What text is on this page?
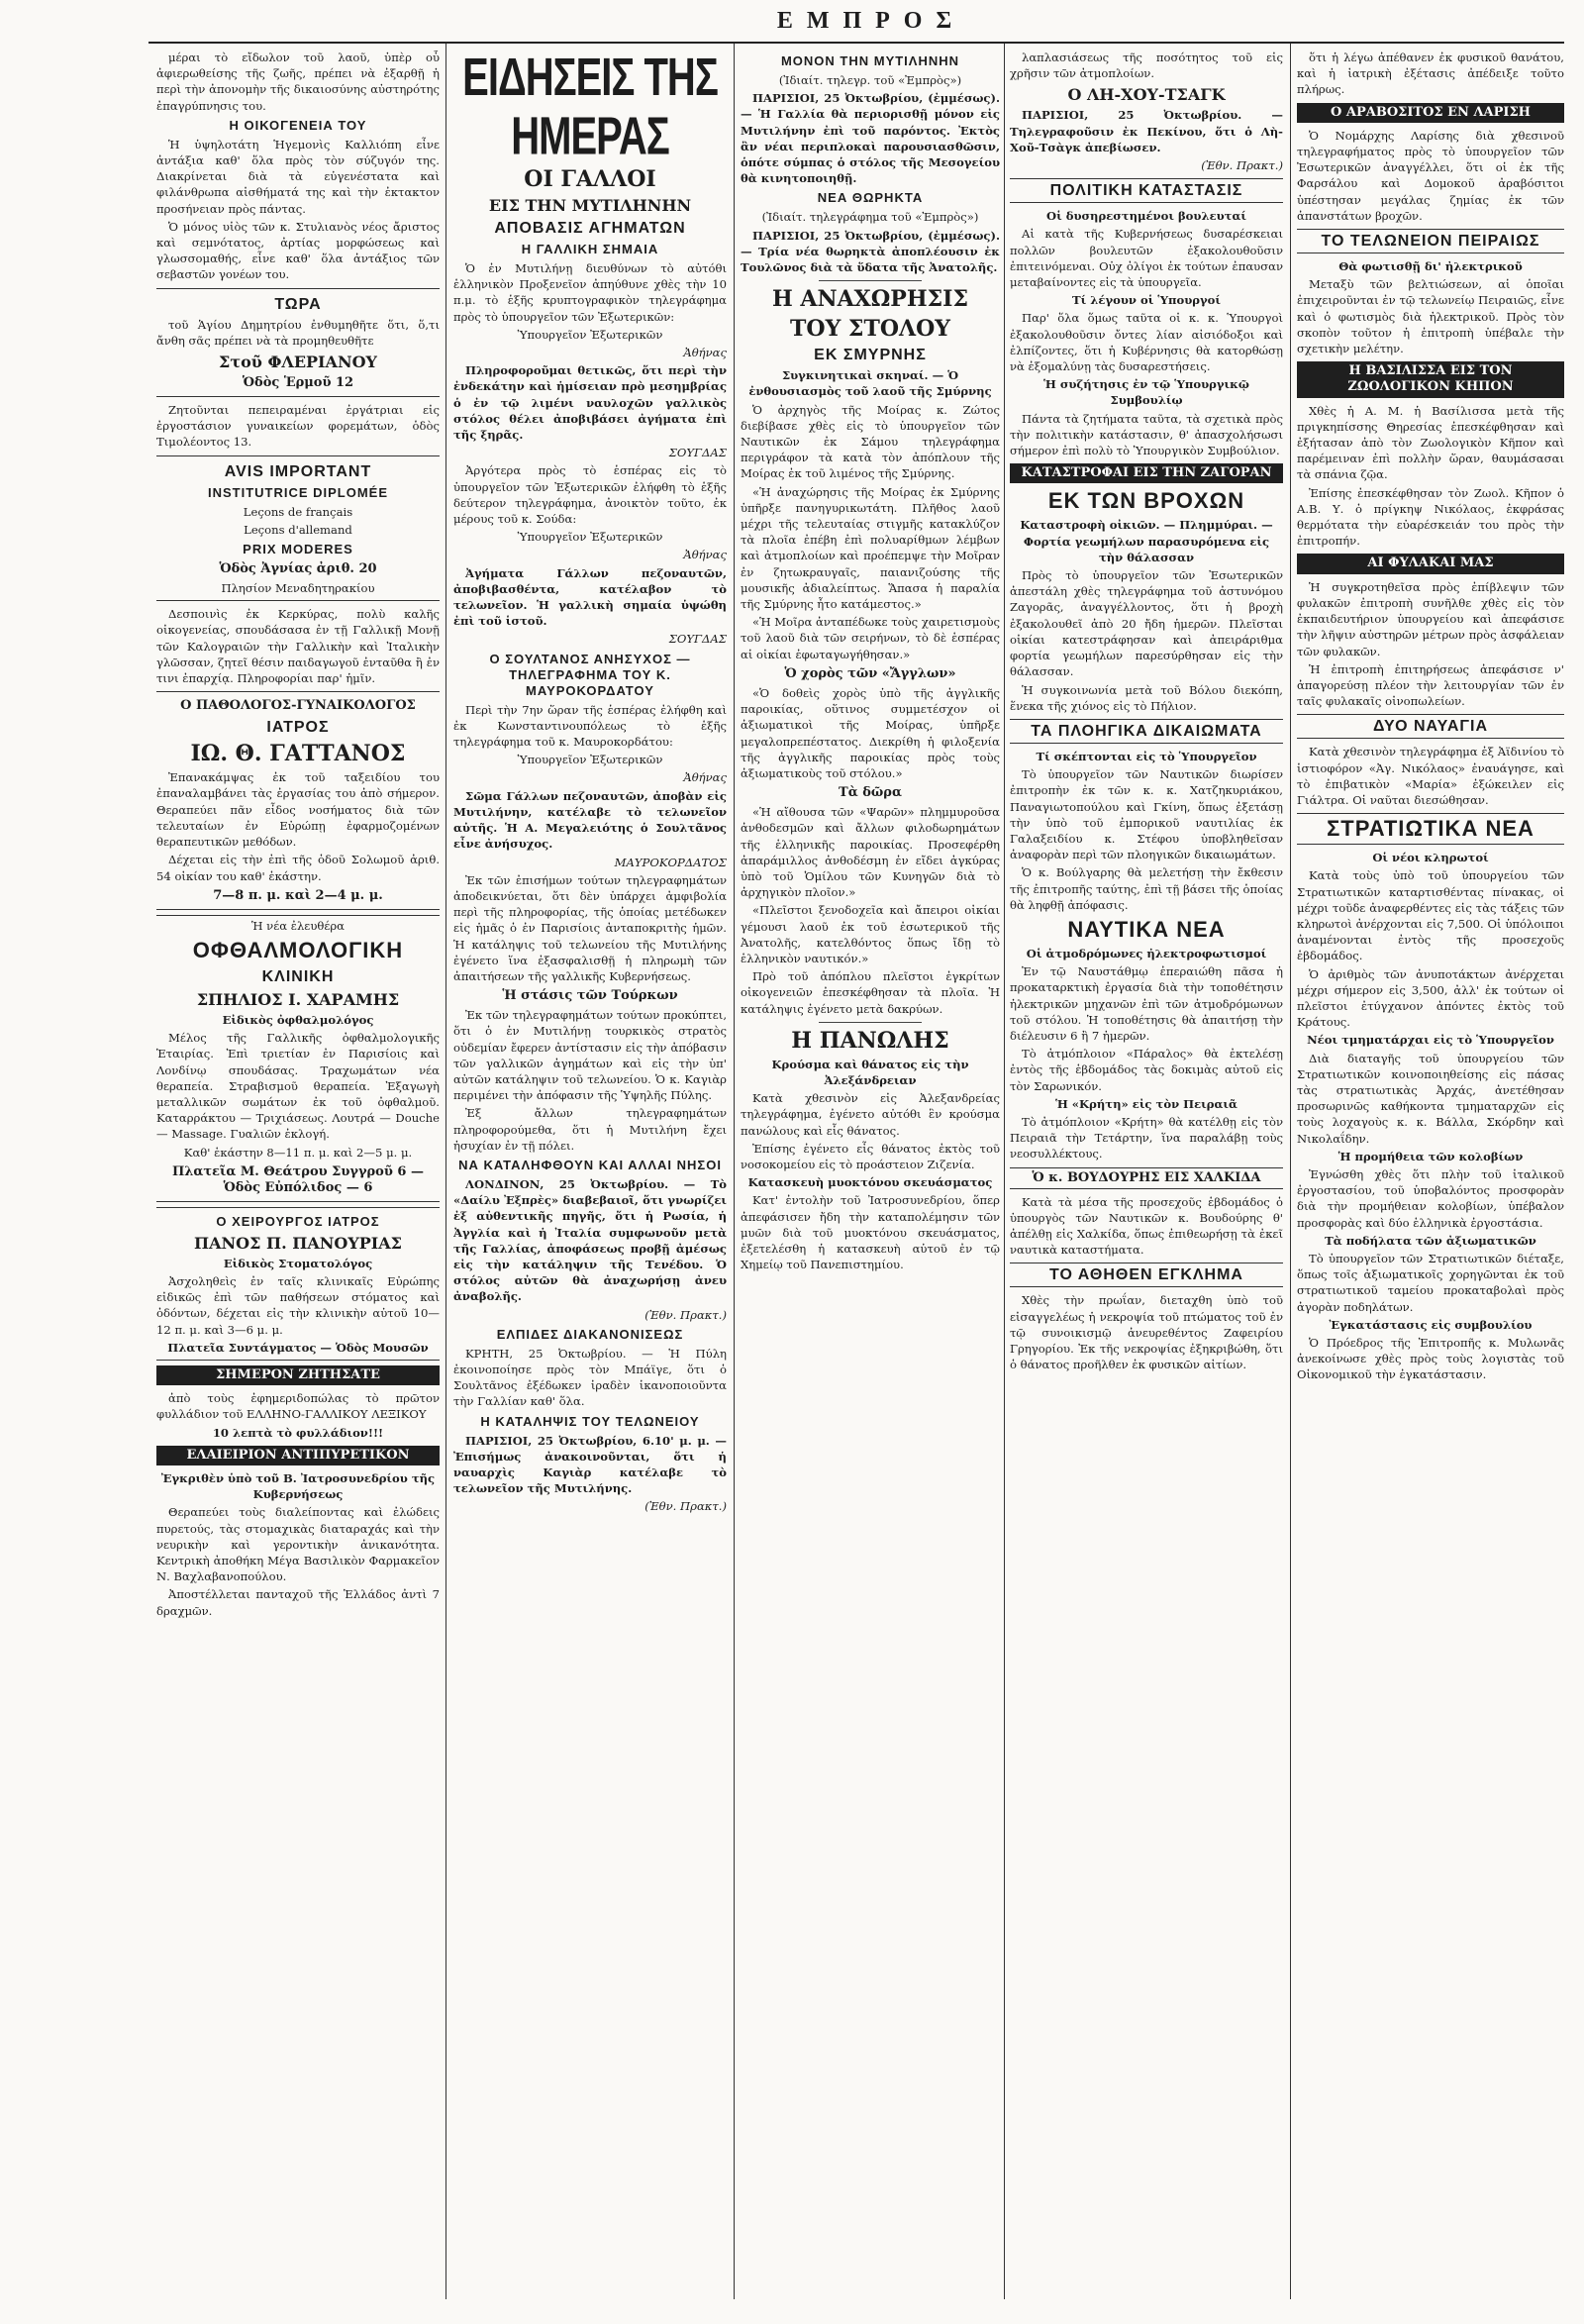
ΕΜΠΡΟΣ

μέραι τὸ εἴδωλον τοῦ λαοῦ, ὑπὲρ οὗ ἀφιερωθείσης τῆς ζωῆς, πρέπει νὰ ἐξαρθῇ ἡ περὶ τὴν ἀπονομὴν τῆς δικαιοσύνης αὐστηρότης ἐπαγρύπνησις του.

Η ΟΙΚΟΓΕΝΕΙΑ ΤΟΥ

Ἡ ὑψηλοτάτη Ἡγεμονὶς Καλλιόπη εἶνε ἀντάξια καθ' ὅλα πρὸς τὸν σύζυγόν της. Διακρίνεται διὰ τὰ εὐγενέστατα καὶ φιλάνθρωπα αἰσθήματά της καὶ τὴν ἐκτακτον προσήνειαν πρὸς πάντας.

Ὁ μόνος υἱὸς τῶν κ. Στυλιανὸς νέος ἄριστος καὶ σεμνότατος, ἀρτίας μορφώσεως καὶ γλωσσομαθής, εἶνε καθ' ὅλα ἀντάξιος τῶν σεβαστῶν γονέων του.

ΤΩΡΑ

τοῦ Ἁγίου Δημητρίου ἐνθυμηθῆτε ὅτι, ὅ,τι ἄνθη σᾶς πρέπει νὰ τὰ προμηθευθῆτε

Στοῦ ΦΛΕΡΙΑΝΟΥ
Ὁδὸς Ἑρμοῦ 12

Ζητοῦνται πεπειραμέναι ἐργάτριαι εἰς ἐργοστάσιον γυναικείων φορεμάτων, ὁδὸς Τιμολέοντος 13.

AVIS IMPORTANT
INSTITUTRICE DIPLOMÉE

Leçons de français

Leçons d'allemand

PRIX MODERES
Ὁδὸς Ἀγνίας ἀριθ. 20

Πλησίον Μεναδητηρακίου

Δεσποινὶς ἐκ Κερκύρας, πολὺ καλῆς οἰκογενείας, σπουδάσασα ἐν τῇ Γαλλικῇ Μονῇ τῶν Καλογραιῶν τὴν Γαλλικὴν καὶ Ἰταλικὴν γλῶσσαν, ζητεῖ θέσιν παιδαγωγοῦ ἐνταῦθα ἢ ἐν τινι ἐπαρχίᾳ. Πληροφορίαι παρ' ἡμῖν.

Ο ΠΑΘΟΛΟΓΟΣ-ΓΥΝΑΙΚΟΛΟΓΟΣ
ΙΑΤΡΟΣ
ΙΩ. Θ. ΓΑΤΤΑΝΟΣ

Ἐπανακάμψας ἐκ τοῦ ταξειδίου του ἐπαναλαμβάνει τὰς ἐργασίας του ἀπὸ σήμερον. Θεραπεύει πᾶν εἶδος νοσήματος διὰ τῶν τελευταίων ἐν Εὐρώπῃ ἐφαρμοζομένων θεραπευτικῶν μεθόδων.

Δέχεται εἰς τὴν ἐπὶ τῆς ὁδοῦ Σολωμοῦ ἀριθ. 54 οἰκίαν του καθ' ἑκάστην.

7—8 π. μ. καὶ 2—4 μ. μ.

Ἡ νέα ἐλευθέρα

ΟΦΘΑΛΜΟΛΟΓΙΚΗ
ΚΛΙΝΙΚΗ
ΣΠΗΛΙΟΣ Ι. ΧΑΡΑΜΗΣ

Εἰδικὸς ὀφθαλμολόγος

Μέλος τῆς Γαλλικῆς ὀφθαλμολογικῆς Ἑταιρίας. Ἐπὶ τριετίαν ἐν Παρισίοις καὶ Λονδίνῳ σπουδάσας. Τραχωμάτων νέα θεραπεία. Στραβισμοῦ θεραπεία. Ἐξαγωγὴ μεταλλικῶν σωμάτων ἐκ τοῦ ὀφθαλμοῦ. Καταρράκτου — Τριχιάσεως. Λουτρά — Douche — Massage. Γυαλιῶν ἐκλογή.

Καθ' ἑκάστην 8—11 π. μ. καὶ 2—5 μ. μ.

Πλατεῖα Μ. Θεάτρου Συγγροῦ 6 — Ὁδὸς Εὐπόλιδος — 6
Ο ΧΕΙΡΟΥΡΓΟΣ ΙΑΤΡΟΣ
ΠΑΝΟΣ Π. ΠΑΝΟΥΡΙΑΣ

Εἰδικὸς Στοματολόγος

Ἀσχοληθεὶς ἐν ταῖς κλινικαῖς Εὐρώπης εἰδικῶς ἐπὶ τῶν παθήσεων στόματος καὶ ὀδόντων, δέχεται εἰς τὴν κλινικὴν αὐτοῦ 10—12 π. μ. καὶ 3—6 μ. μ.

Πλατεῖα Συντάγματος — Ὁδὸς Μουσῶν

ΣΗΜΕΡΟΝ ΖΗΤΗΣΑΤΕ

ἀπὸ τοὺς ἐφημεριδοπώλας τὸ πρῶτον φυλλάδιον τοῦ ΕΛΛΗΝΟ-ΓΑΛΛΙΚΟΥ ΛΕΞΙΚΟΥ

10 λεπτὰ τὸ φυλλάδιον!!!

ΕΛΑΙΕΙΡΙΟΝ ΑΝΤΙΠΥΡΕΤΙΚΟΝ

Ἐγκριθὲν ὑπὸ τοῦ Β. Ἰατροσυνεδρίου τῆς Κυβερνήσεως

Θεραπεύει τοὺς διαλείποντας καὶ ἐλώδεις πυρετούς, τὰς στομαχικὰς διαταραχάς καὶ τὴν νευρικὴν καὶ γεροντικὴν ἀνικανότητα. Κεντρικὴ ἀποθήκη Μέγα Βασιλικὸν Φαρμακεῖον Ν. Βαχλαβανοπούλου.

Ἀποστέλλεται πανταχοῦ τῆς Ἑλλάδος ἀντὶ 7 δραχμῶν.

ΕΙΔΗΣΕΙΣ ΤΗΣ ΗΜΕΡΑΣ
ΟΙ ΓΑΛΛΟΙ
ΕΙΣ ΤΗΝ ΜΥΤΙΛΗΝΗΝ
ΑΠΟΒΑΣΙΣ ΑΓΗΜΑΤΩΝ
Η ΓΑΛΛΙΚΗ ΣΗΜΑΙΑ

Ὁ ἐν Μυτιλήνῃ διευθύνων τὸ αὐτόθι ἑλληνικὸν Προξενεῖον ἀπηύθυνε χθὲς τὴν 10 π.μ. τὸ ἑξῆς κρυπτογραφικὸν τηλεγράφημα πρὸς τὸ ὑπουργεῖον τῶν Ἐξωτερικῶν:

Ὑπουργεῖον Ἐξωτερικῶν

Ἀθήνας

Πληροφοροῦμαι θετικῶς, ὅτι περὶ τὴν ἐνδεκάτην καὶ ἡμίσειαν πρὸ μεσημβρίας ὁ ἐν τῷ λιμένι ναυλοχῶν γαλλικὸς στόλος θέλει ἀποβιβάσει ἀγήματα ἐπὶ τῆς ξηρᾶς.

ΣΟΥΓΔΑΣ

Ἀργότερα πρὸς τὸ ἑσπέρας εἰς τὸ ὑπουργεῖον τῶν Ἐξωτερικῶν ἐλήφθη τὸ ἑξῆς δεύτερον τηλεγράφημα, ἀνοικτὸν τοῦτο, ἐκ μέρους τοῦ κ. Σούδα:

Ὑπουργεῖον Ἐξωτερικῶν

Ἀθήνας

Ἀγήματα Γάλλων πεζοναυτῶν, ἀποβιβασθέντα, κατέλαβον τὸ τελωνεῖον. Ἡ γαλλικὴ σημαία ὑψώθη ἐπὶ τοῦ ἱστοῦ.

ΣΟΥΓΔΑΣ

Ο ΣΟΥΛΤΑΝΟΣ ΑΝΗΣΥΧΟΣ — ΤΗΛΕΓΡΑΦΗΜΑ ΤΟΥ Κ. ΜΑΥΡΟΚΟΡΔΑΤΟΥ

Περὶ τὴν 7ην ὥραν τῆς ἑσπέρας ἐλήφθη καὶ ἐκ Κωνσταντινουπόλεως τὸ ἑξῆς τηλεγράφημα τοῦ κ. Μαυροκορδάτου:

Ὑπουργεῖον Ἐξωτερικῶν

Ἀθήνας

Σῶμα Γάλλων πεζοναυτῶν, ἀποβὰν εἰς Μυτιλήνην, κατέλαβε τὸ τελωνεῖον αὐτῆς. Ἡ Α. Μεγαλειότης ὁ Σουλτᾶνος εἶνε ἀνήσυχος.

ΜΑΥΡΟΚΟΡΔΑΤΟΣ

Ἐκ τῶν ἐπισήμων τούτων τηλεγραφημάτων ἀποδεικνύεται, ὅτι δὲν ὑπάρχει ἀμφιβολία περὶ τῆς πληροφορίας, τῆς ὁποίας μετέδωκεν εἰς ἡμᾶς ὁ ἐν Παρισίοις ἀνταποκριτὴς ἡμῶν. Ἡ κατάληψις τοῦ τελωνείου τῆς Μυτιλήνης ἐγένετο ἵνα ἐξασφαλισθῇ ἡ πληρωμὴ τῶν ἀπαιτήσεων τῆς γαλλικῆς Κυβερνήσεως.

Ἡ στάσις τῶν Τούρκων

Ἐκ τῶν τηλεγραφημάτων τούτων προκύπτει, ὅτι ὁ ἐν Μυτιλήνῃ τουρκικὸς στρατὸς οὐδεμίαν ἔφερεν ἀντίστασιν εἰς τὴν ἀπόβασιν τῶν γαλλικῶν ἀγημάτων καὶ εἰς τὴν ὑπ' αὐτῶν κατάληψιν τοῦ τελωνείου. Ὁ κ. Καγιὰρ περιμένει τὴν ἀπόφασιν τῆς Ὑψηλῆς Πύλης.

Ἐξ ἄλλων τηλεγραφημάτων πληροφορούμεθα, ὅτι ἡ Μυτιλήνη ἔχει ἡσυχίαν ἐν τῇ πόλει.

ΝΑ ΚΑΤΑΛΗΦΘΟΥΝ ΚΑΙ ΑΛΛΑΙ ΝΗΣΟΙ

ΛΟΝΔΙΝΟΝ, 25 Ὀκτωβρίου. — Τὸ «Δαίλυ Ἐξπρὲς» διαβεβαιοῖ, ὅτι γνωρίζει ἐξ αὐθεντικῆς πηγῆς, ὅτι ἡ Ρωσία, ἡ Ἀγγλία καὶ ἡ Ἰταλία συμφωνοῦν μετὰ τῆς Γαλλίας, ἀποφάσεως προβῇ ἀμέσως εἰς τὴν κατάληψιν τῆς Τενέδου. Ὁ στόλος αὐτῶν θὰ ἀναχωρήσῃ ἀνευ ἀναβολῆς.

(Ἐθν. Πρακτ.)

ΕΛΠΙΔΕΣ ΔΙΑΚΑΝΟΝΙΣΕΩΣ

ΚΡΗΤΗ, 25 Ὀκτωβρίου. — Ἡ Πύλη ἐκοινοποίησε πρὸς τὸν Μπάϊγε, ὅτι ὁ Σουλτᾶνος ἐξέδωκεν ἰραδὲν ἱκανοποιοῦντα τὴν Γαλλίαν καθ' ὅλα.

Η ΚΑΤΑΛΗΨΙΣ ΤΟΥ ΤΕΛΩΝΕΙΟΥ

ΠΑΡΙΣΙΟΙ, 25 Ὀκτωβρίου, 6.10' μ. μ. — Ἐπισήμως ἀνακοινοῦνται, ὅτι ἡ ναυαρχὶς Καγιὰρ κατέλαβε τὸ τελωνεῖον τῆς Μυτιλήνης.

(Ἐθν. Πρακτ.)

ΜΟΝΟΝ ΤΗΝ ΜΥΤΙΛΗΝΗΝ

(Ἰδιαίτ. τηλεγρ. τοῦ «Ἐμπρὸς»)

ΠΑΡΙΣΙΟΙ, 25 Ὀκτωβρίου, (ἐμμέσως). — Ἡ Γαλλία θὰ περιορισθῇ μόνον εἰς Μυτιλήνην ἐπὶ τοῦ παρόντος. Ἐκτὸς ἂν νέαι περιπλοκαὶ παρουσιασθῶσιν, ὁπότε σύμπας ὁ στόλος τῆς Μεσογείου θὰ κινητοποιηθῇ.

ΝΕΑ ΘΩΡΗΚΤΑ

(Ἰδιαίτ. τηλεγράφημα τοῦ «Ἐμπρὸς»)

ΠΑΡΙΣΙΟΙ, 25 Ὀκτωβρίου, (ἐμμέσως). — Τρία νέα θωρηκτὰ ἀποπλέουσιν ἐκ Τουλῶνος διὰ τὰ ὕδατα τῆς Ἀνατολῆς.

Η ΑΝΑΧΩΡΗΣΙΣ
ΤΟΥ ΣΤΟΛΟΥ
ΕΚ ΣΜΥΡΝΗΣ

Συγκινητικαὶ σκηναί. — Ὁ ἐνθουσιασμὸς τοῦ λαοῦ τῆς Σμύρνης

Ὁ ἀρχηγὸς τῆς Μοίρας κ. Ζώτος διεβίβασε χθὲς εἰς τὸ ὑπουργεῖον τῶν Ναυτικῶν ἐκ Σάμου τηλεγράφημα περιγράφον τὰ κατὰ τὸν ἀπόπλουν τῆς Μοίρας ἐκ τοῦ λιμένος τῆς Σμύρνης.

«Ἡ ἀναχώρησις τῆς Μοίρας ἐκ Σμύρνης ὑπῆρξε πανηγυρικωτάτη. Πλῆθος λαοῦ μέχρι τῆς τελευταίας στιγμῆς κατακλύζον τὰ πλοῖα ἐπέβη ἐπὶ πολυαρίθμων λέμβων καὶ ἀτμοπλοίων καὶ προέπεμψε τὴν Μοῖραν ἐν ζητωκραυγαῖς, παιανιζούσης τῆς μουσικῆς ἀδιαλείπτως. Ἅπασα ἡ παραλία τῆς Σμύρνης ἦτο κατάμεστος.»

«Ἡ Μοῖρα ἀνταπέδωκε τοὺς χαιρετισμοὺς τοῦ λαοῦ διὰ τῶν σειρήνων, τὸ δὲ ἑσπέρας αἱ οἰκίαι ἐφωταγωγήθησαν.»

Ὁ χορὸς τῶν «Ἄγγλων»

«Ὁ δοθεὶς χορὸς ὑπὸ τῆς ἀγγλικῆς παροικίας, οὕτινος συμμετέσχον οἱ ἀξιωματικοὶ τῆς Μοίρας, ὑπῆρξε μεγαλοπρεπέστατος. Διεκρίθη ἡ φιλοξενία τῆς ἀγγλικῆς παροικίας πρὸς τοὺς ἀξιωματικοὺς τοῦ στόλου.»

Τὰ δῶρα

«Ἡ αἴθουσα τῶν «Ψαρῶν» πλημμυροῦσα ἀνθοδεσμῶν καὶ ἄλλων φιλοδωρημάτων τῆς ἑλληνικῆς παροικίας. Προσεφέρθη ἀπαράμιλλος ἀνθοδέσμη ἐν εἴδει ἀγκύρας ὑπὸ τοῦ Ὁμίλου τῶν Κυνηγῶν διὰ τὸ ἀρχηγικὸν πλοῖον.»

«Πλεῖστοι ξενοδοχεῖα καὶ ἄπειροι οἰκίαι γέμουσι λαοῦ ἐκ τοῦ ἐσωτερικοῦ τῆς Ἀνατολῆς, κατελθόντος ὅπως ἴδῃ τὸ ἑλληνικὸν ναυτικόν.»

Πρὸ τοῦ ἀπόπλου πλεῖστοι ἐγκρίτων οἰκογενειῶν ἐπεσκέφθησαν τὰ πλοῖα. Ἡ κατάληψις ἐγένετο μετὰ δακρύων.

Η ΠΑΝΩΛΗΣ

Κρούσμα καὶ θάνατος εἰς τὴν Ἀλεξάνδρειαν

Κατὰ χθεσινὸν εἰς Ἀλεξανδρείας τηλεγράφημα, ἐγένετο αὐτόθι ἓν κρούσμα πανώλους καὶ εἷς θάνατος.

Ἐπίσης ἐγένετο εἷς θάνατος ἐκτὸς τοῦ νοσοκομείου εἰς τὸ προάστειον Ζιζενία.

Κατασκευὴ μυοκτόνου σκευάσματος

Κατ' ἐντολὴν τοῦ Ἰατροσυνεδρίου, ὅπερ ἀπεφάσισεν ἤδη τὴν καταπολέμησιν τῶν μυῶν διὰ τοῦ μυοκτόνου σκευάσματος, ἐξετελέσθη ἡ κατασκευὴ αὐτοῦ ἐν τῷ Χημείῳ τοῦ Πανεπιστημίου.

λαπλασιάσεως τῆς ποσότητος τοῦ εἰς χρῆσιν τῶν ἀτμοπλοίων.

Ο ΛΗ-ΧΟΥ-ΤΣΑΓΚ

ΠΑΡΙΣΙΟΙ, 25 Ὀκτωβρίου. — Τηλεγραφοῦσιν ἐκ Πεκίνου, ὅτι ὁ Λὴ-Χοῦ-Τσὰγκ ἀπεβίωσεν.

(Ἐθν. Πρακτ.)

ΠΟΛΙΤΙΚΗ ΚΑΤΑΣΤΑΣΙΣ

Οἱ δυσηρεστημένοι βουλευταί

Αἱ κατὰ τῆς Κυβερνήσεως δυσαρέσκειαι πολλῶν βουλευτῶν ἐξακολουθοῦσιν ἐπιτεινόμεναι. Οὐχ ὀλίγοι ἐκ τούτων ἐπαυσαν μεταβαίνοντες εἰς τὰ ὑπουργεῖα.

Τί λέγουν οἱ Ὑπουργοί

Παρ' ὅλα ὅμως ταῦτα οἱ κ. κ. Ὑπουργοὶ ἐξακολουθοῦσιν ὄντες λίαν αἰσιόδοξοι καὶ ἐλπίζοντες, ὅτι ἡ Κυβέρνησις θὰ κατορθώσῃ νὰ ἐξομαλύνῃ τὰς δυσαρεστήσεις.

Ἡ συζήτησις ἐν τῷ Ὑπουργικῷ Συμβουλίῳ

Πάντα τὰ ζητήματα ταῦτα, τὰ σχετικὰ πρὸς τὴν πολιτικὴν κατάστασιν, θ' ἀπασχολήσωσι σήμερον ἐπὶ πολὺ τὸ Ὑπουργικὸν Συμβούλιον.

ΚΑΤΑΣΤΡΟΦΑΙ ΕΙΣ ΤΗΝ ΖΑΓΟΡΑΝ
ΕΚ ΤΩΝ ΒΡΟΧΩΝ

Καταστροφὴ οἰκιῶν. — Πλημμύραι. — Φορτία γεωμήλων παρασυρόμενα εἰς τὴν θάλασσαν

Πρὸς τὸ ὑπουργεῖον τῶν Ἐσωτερικῶν ἀπεστάλη χθὲς τηλεγράφημα τοῦ ἀστυνόμου Ζαγορᾶς, ἀναγγέλλοντος, ὅτι ἡ βροχὴ ἐξακολουθεῖ ἀπὸ 20 ἤδη ἡμερῶν. Πλεῖσται οἰκίαι κατεστράφησαν καὶ ἀπειράριθμα φορτία γεωμήλων παρεσύρθησαν εἰς τὴν θάλασσαν.

Ἡ συγκοινωνία μετὰ τοῦ Βόλου διεκόπη, ἕνεκα τῆς χιόνος εἰς τὸ Πήλιον.

ΤΑ ΠΛΟΗΓΙΚΑ ΔΙΚΑΙΩΜΑΤΑ

Τί σκέπτονται εἰς τὸ Ὑπουργεῖον

Τὸ ὑπουργεῖον τῶν Ναυτικῶν διωρίσεν ἐπιτροπὴν ἐκ τῶν κ. κ. Χατζηκυριάκου, Παναγιωτοπούλου καὶ Γκίνη, ὅπως ἐξετάσῃ τὴν ὑπὸ τοῦ ἐμπορικοῦ ναυτιλίας ἐκ Γαλαξειδίου κ. Στέφου ὑποβληθεῖσαν ἀναφορὰν περὶ τῶν πλοηγικῶν δικαιωμάτων.

Ὁ κ. Βούλγαρης θὰ μελετήσῃ τὴν ἔκθεσιν τῆς ἐπιτροπῆς ταύτης, ἐπὶ τῇ βάσει τῆς ὁποίας θὰ ληφθῇ ἀπόφασις.

ΝΑΥΤΙΚΑ ΝΕΑ

Οἱ ἀτμοδρόμωνες ἠλεκτροφωτισμοί

Ἐν τῷ Ναυστάθμῳ ἐπεραιώθη πᾶσα ἡ προκαταρκτικὴ ἐργασία διὰ τὴν τοποθέτησιν ἠλεκτρικῶν μηχανῶν ἐπὶ τῶν ἀτμοδρόμωνων τοῦ στόλου. Ἡ τοποθέτησις θὰ ἀπαιτήσῃ τὴν διέλευσιν 6 ἢ 7 ἡμερῶν.

Τὸ ἀτμόπλοιον «Πάραλος» θὰ ἐκτελέσῃ ἐντὸς τῆς ἑβδομάδος τὰς δοκιμὰς αὐτοῦ εἰς τὸν Σαρωνικόν.

Ἡ «Κρήτη» εἰς τὸν Πειραιᾶ

Τὸ ἀτμόπλοιον «Κρήτη» θὰ κατέλθῃ εἰς τὸν Πειραιᾶ τὴν Τετάρτην, ἵνα παραλάβῃ τοὺς νεοσυλλέκτους.

Ὁ κ. ΒΟΥΔΟΥΡΗΣ ΕΙΣ ΧΑΛΚΙΔΑ

Κατὰ τὰ μέσα τῆς προσεχοῦς ἑβδομάδος ὁ ὑπουργὸς τῶν Ναυτικῶν κ. Βουδούρης θ' ἀπέλθῃ εἰς Χαλκίδα, ὅπως ἐπιθεωρήσῃ τὰ ἐκεῖ ναυτικὰ καταστήματα.

ΤΟ ΑΘΗΘΕΝ ΕΓΚΛΗΜΑ

Χθὲς τὴν πρωΐαν, διεταχθη ὑπὸ τοῦ εἰσαγγελέως ἡ νεκροψία τοῦ πτώματος τοῦ ἐν τῷ συνοικισμῷ ἀνευρεθέντος Ζαφειρίου Γρηγορίου. Ἐκ τῆς νεκροψίας ἐξηκριβώθη, ὅτι ὁ θάνατος προῆλθεν ἐκ φυσικῶν αἰτίων.

ὅτι ἡ λέγω ἀπέθανεν ἐκ φυσικοῦ θανάτου, καὶ ἡ ἰατρικὴ ἐξέτασις ἀπέδειξε τοῦτο πλήρως.

Ο ΑΡΑΒΟΣΙΤΟΣ ΕΝ ΛΑΡΙΣΗ

Ὁ Νομάρχης Λαρίσης διὰ χθεσινοῦ τηλεγραφήματος πρὸς τὸ ὑπουργεῖον τῶν Ἐσωτερικῶν ἀναγγέλλει, ὅτι οἱ ἐκ τῆς Φαρσάλου καὶ Δομοκοῦ ἀραβόσιτοι ὑπέστησαν μεγάλας ζημίας ἐκ τῶν ἀπανστάτων βροχῶν.

ΤΟ ΤΕΛΩΝΕΙΟΝ ΠΕΙΡΑΙΩΣ

Θὰ φωτισθῇ δι' ἠλεκτρικοῦ

Μεταξὺ τῶν βελτιώσεων, αἱ ὁποῖαι ἐπιχειροῦνται ἐν τῷ τελωνείῳ Πειραιῶς, εἶνε καὶ ὁ φωτισμὸς διὰ ἠλεκτρικοῦ. Πρὸς τὸν σκοπὸν τοῦτον ἡ ἐπιτροπὴ ὑπέβαλε τὴν σχετικὴν μελέτην.

Η ΒΑΣΙΛΙΣΣΑ ΕΙΣ ΤΟΝ ΖΩΟΛΟΓΙΚΟΝ ΚΗΠΟΝ

Χθὲς ἡ Α. Μ. ἡ Βασίλισσα μετὰ τῆς πριγκηπίσσης Θηρεσίας ἐπεσκέφθησαν καὶ ἐξήτασαν ἀπὸ τὸν Ζωολογικὸν Κῆπον καὶ παρέμειναν ἐπὶ πολλὴν ὥραν, θαυμάσασαι τὰ σπάνια ζῷα.

Ἐπίσης ἐπεσκέφθησαν τὸν Ζωολ. Κῆπον ὁ Α.Β. Υ. ὁ πρίγκηψ Νικόλαος, ἐκφράσας θερμότατα τὴν εὐαρέσκειάν του πρὸς τὴν ἐπιτροπήν.

ΑΙ ΦΥΛΑΚΑΙ ΜΑΣ

Ἡ συγκροτηθεῖσα πρὸς ἐπίβλεψιν τῶν φυλακῶν ἐπιτροπὴ συνῆλθε χθὲς εἰς τὸν ἐκπαιδευτήριον ὑπουργείου καὶ ἀπεφάσισε τὴν λῆψιν αὐστηρῶν μέτρων πρὸς ἀσφάλειαν τῶν φυλακῶν.

Ἡ ἐπιτροπὴ ἐπιτηρήσεως ἀπεφάσισε ν' ἀπαγορεύσῃ πλέον τὴν λειτουργίαν τῶν ἐν ταῖς φυλακαῖς οἰνοπωλείων.

ΔΥΟ ΝΑΥΑΓΙΑ

Κατὰ χθεσινὸν τηλεγράφημα ἐξ Ἀϊδινίου τὸ ἱστιοφόρον «Ἀγ. Νικόλαος» ἐναυάγησε, καὶ τὸ ἐπιβατικὸν «Μαρία» ἐξώκειλεν εἰς Γιάλτρα. Οἱ ναῦται διεσώθησαν.

ΣΤΡΑΤΙΩΤΙΚΑ ΝΕΑ

Οἱ νέοι κληρωτοί

Κατὰ τοὺς ὑπὸ τοῦ ὑπουργείου τῶν Στρατιωτικῶν καταρτισθέντας πίνακας, οἱ μέχρι τοῦδε ἀναφερθέντες εἰς τὰς τάξεις τῶν κληρωτοὶ ἀνέρχονται εἰς 7,500. Οἱ ὑπόλοιποι ἀναμένονται ἐντὸς τῆς προσεχοῦς ἑβδομάδος.

Ὁ ἀριθμὸς τῶν ἀνυποτάκτων ἀνέρχεται μέχρι σήμερον εἰς 3,500, ἀλλ' ἐκ τούτων οἱ πλεῖστοι ἐτύγχανον ἀπόντες ἐκτὸς τοῦ Κράτους.

Νέοι τμηματάρχαι εἰς τὸ Ὑπουργεῖον

Διὰ διαταγῆς τοῦ ὑπουργείου τῶν Στρατιωτικῶν κοινοποιηθείσης εἰς πάσας τὰς στρατιωτικὰς Ἀρχάς, ἀνετέθησαν προσωρινῶς καθήκοντα τμηματαρχῶν εἰς τοὺς λοχαγοὺς κ. κ. Βάλλα, Σκόρδην καὶ Νικολαΐδην.

Ἡ προμήθεια τῶν κολοβίων

Ἐγνώσθη χθὲς ὅτι πλὴν τοῦ ἰταλικοῦ ἐργοστασίου, τοῦ ὑποβαλόντος προσφορὰν διὰ τὴν προμήθειαν κολοβίων, ὑπέβαλον προσφορὰς καὶ δύο ἑλληνικὰ ἐργοστάσια.

Τὰ ποδήλατα τῶν ἀξιωματικῶν

Τὸ ὑπουργεῖον τῶν Στρατιωτικῶν διέταξε, ὅπως τοῖς ἀξιωματικοῖς χορηγῶνται ἐκ τοῦ στρατιωτικοῦ ταμείου προκαταβολαὶ πρὸς ἀγορὰν ποδηλάτων.

Ἐγκατάστασις εἰς συμβουλίου

Ὁ Πρόεδρος τῆς Ἐπιτροπῆς κ. Μυλωνᾶς ἀνεκοίνωσε χθὲς πρὸς τοὺς λογιστὰς τοῦ Οἰκονομικοῦ τὴν ἐγκατάστασιν.
